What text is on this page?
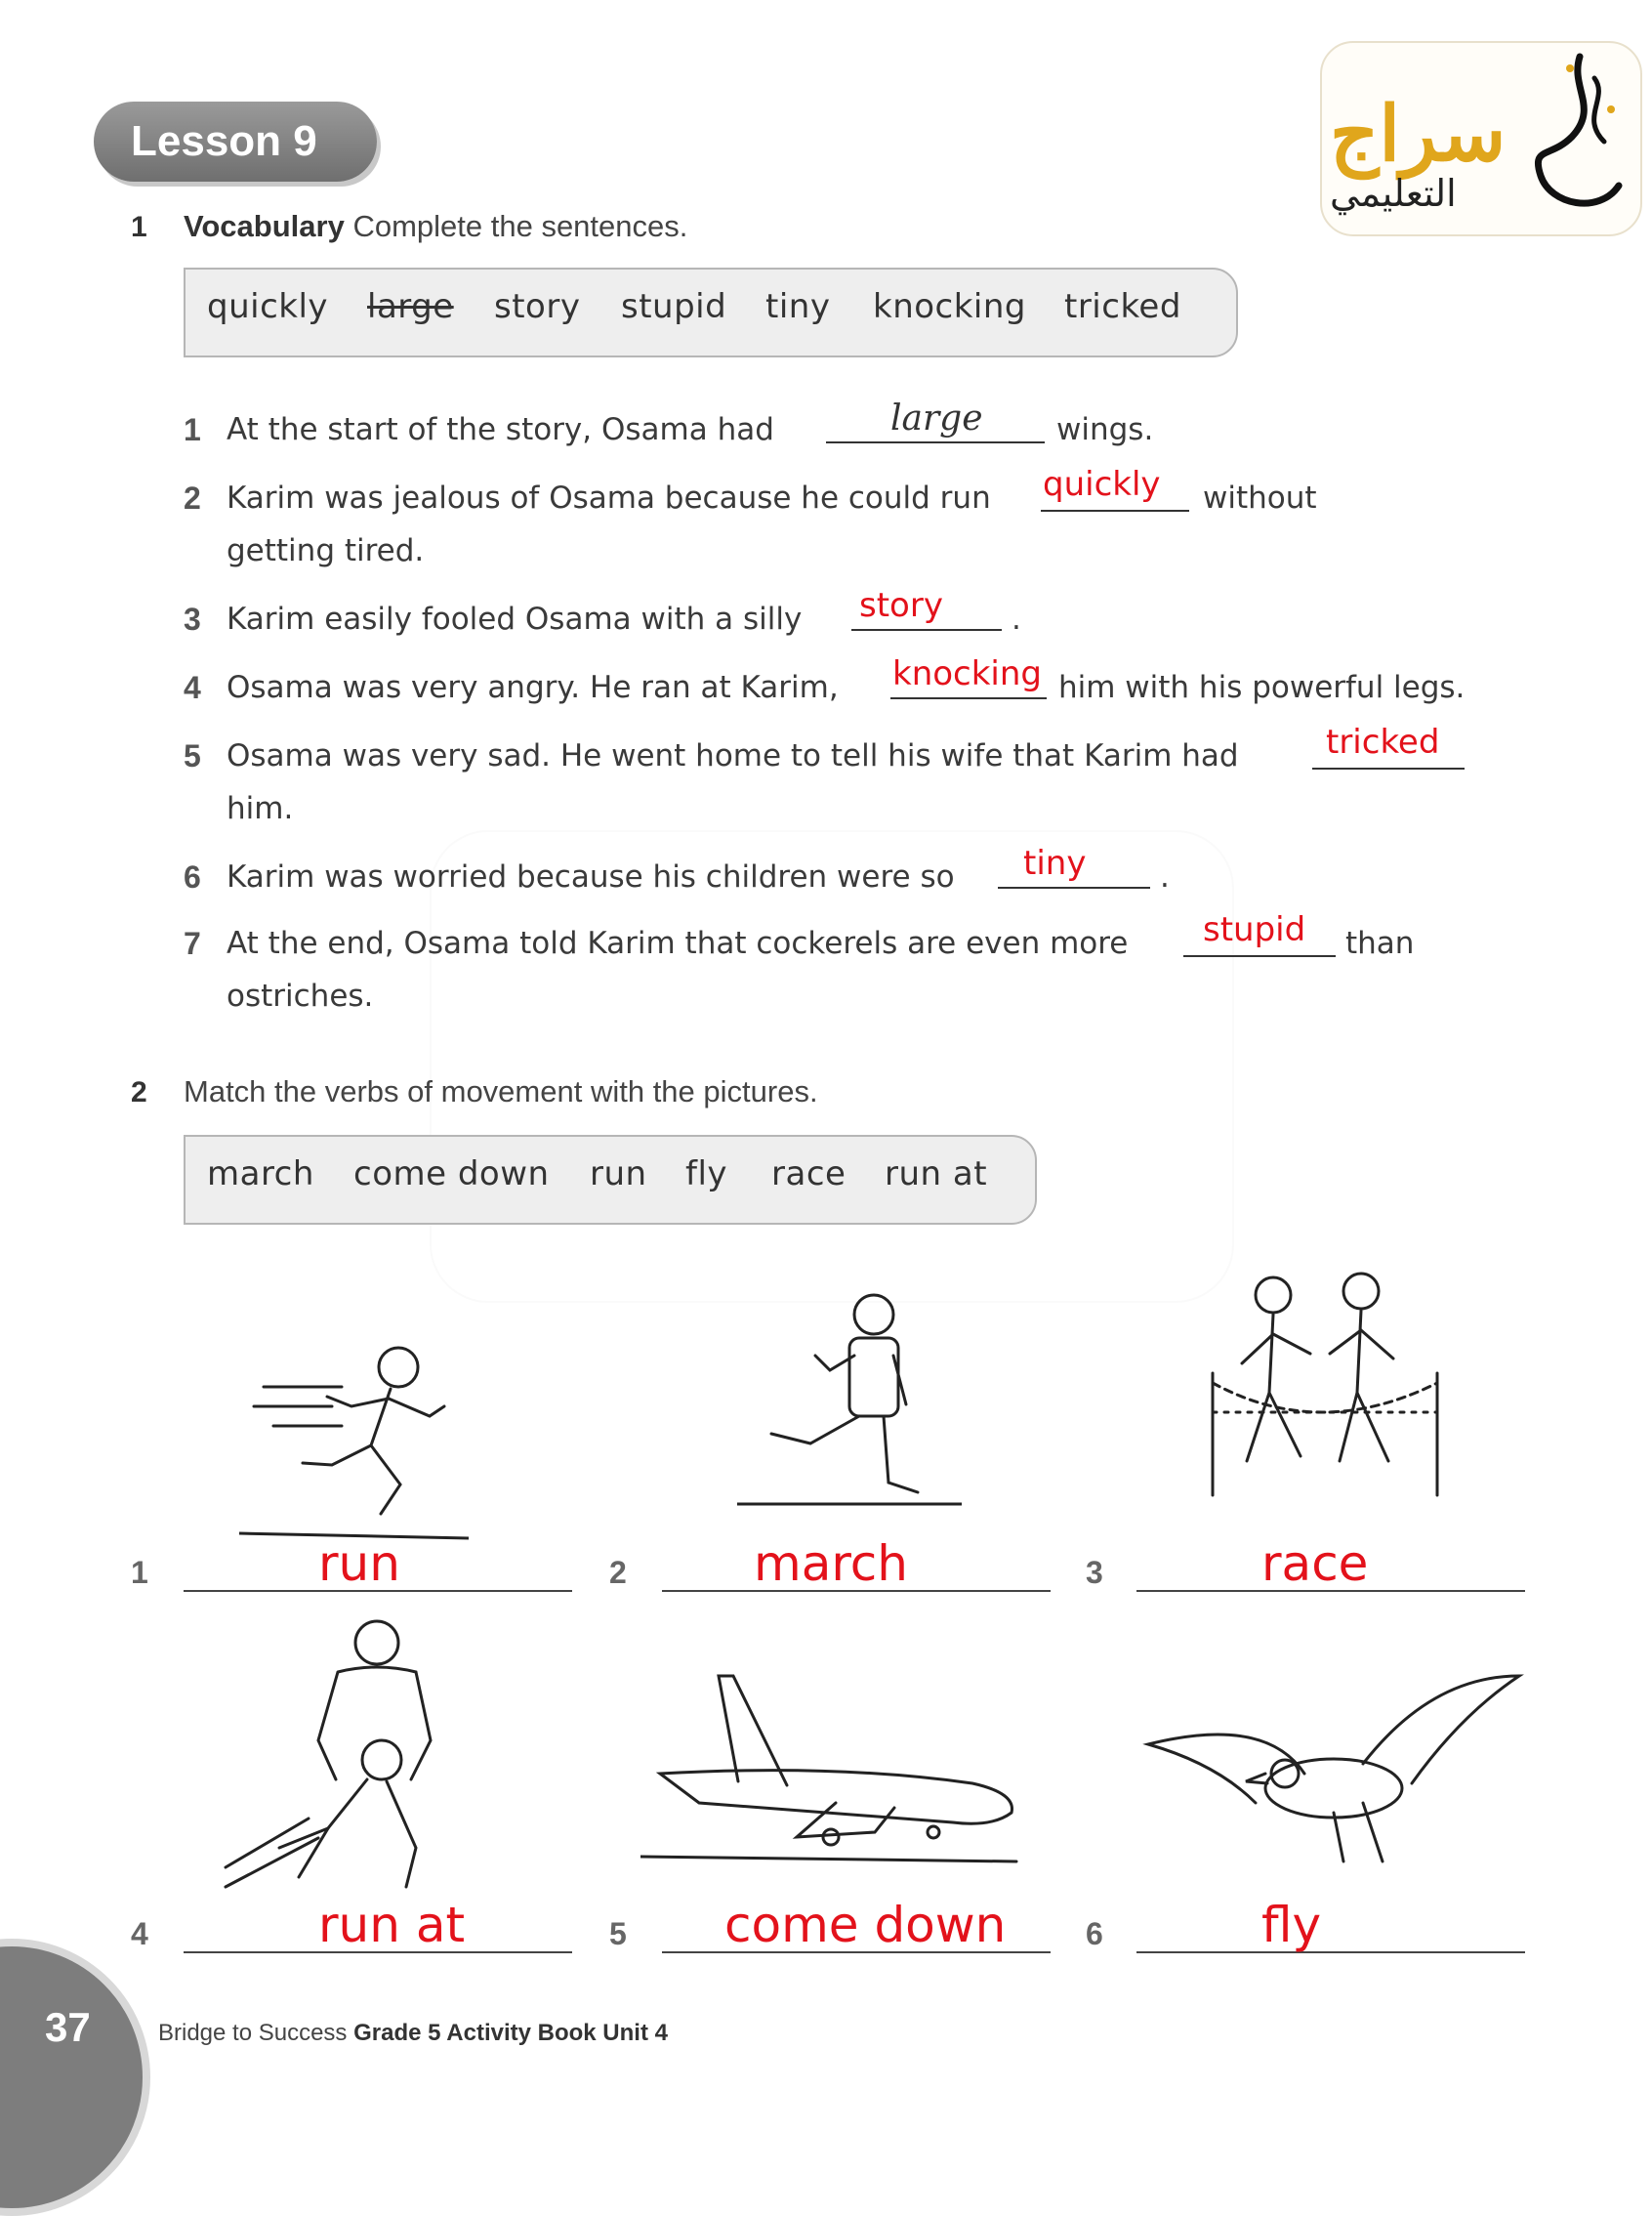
Lesson 9	سراج
التعليمي
1 Vocabulary Complete the sentences.
quickly large story stupid tiny knocking tricked
1 At the start of the story, Osama had	large wings.
2 Karim was jealous of Osama because he could run quickly without
getting tired.
3 Karim easily fooled Osama with a silly story .
4 Osama was very angry. He ran at Karim, knocking him with his powerful legs.
5 Osama was very sad. He went home to tell his wife that Karim had	tricked
him.
6 Karim was worried because his children were so tiny .
7 At the end, Osama told Karim that cockerels are even more stupid than
ostriches.
2 Match the verbs of movement with the pictures.
march come down run fly race run at
1	run	2	march	3	race
4	run at	5 come down	6	fly
37	Bridge to Success Grade 5 Activity Book Unit 4
